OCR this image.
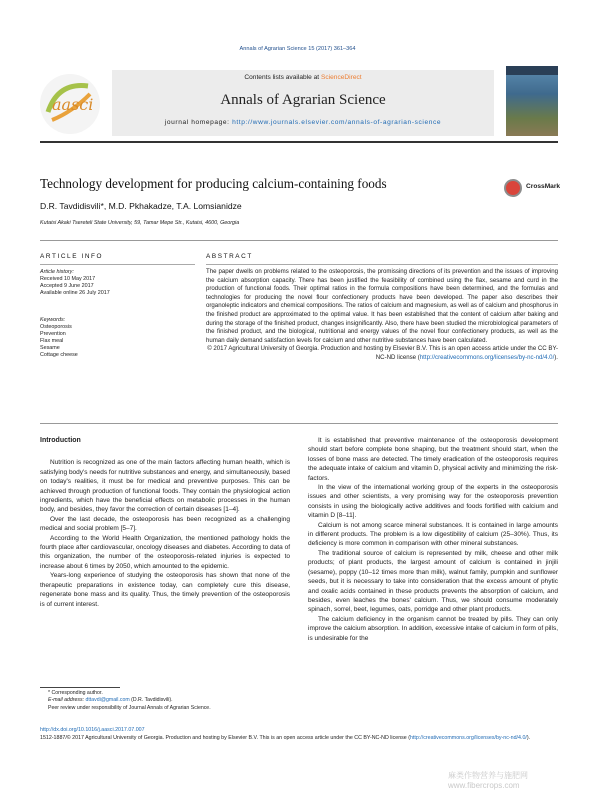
Annals of Agrarian Science 15 (2017) 361–364
aasci
Contents lists available at ScienceDirect
Annals of Agrarian Science
journal homepage: http://www.journals.elsevier.com/annals-of-agrarian-science
Technology development for producing calcium-containing foods	CrossMark
D.R. Tavdidisvili*, M.D. Pkhakadze, T.A. Lomsianidze
Kutaisi Akaki Tsereteli State University, 59, Tamar Mepe Str., Kutaisi, 4600, Georgia
ARTICLE INFO	ABSTRACT
Article history:
Received 10 May 2017
Accepted 9 June 2017
Available online 26 July 2017
Keywords:
Osteoporosis
Prevention
Flax meal
Sesame
Cottage cheese
The paper dwells on problems related to the osteoporosis, the promissing directions of its prevention and the issues of improving the calcium absorption capacity. There has been justified the feasibility of combined using the flax, sesame and curd in the production of functional foods. Their optimal ratios in the formula compositions have been determined, and the formulas and technologies for producing the novel flour confectionery products have been developed. The paper also describes their organoleptic indicators and chemical compositions. The ratios of calcium and magnesium, as well as of calcium and phosphorus in the finished product are approximated to the optimal value. It has been established that the content of calcium after baking and during the storage of the finished product, changes insignificantly. Also, there have been studied the microbiological parameters of the finished product, and the biological, nutritional and energy values of the novel flour confectionery products, as well as the human daily demand satisfaction levels for calcium and other nutritive substances have been calculated.
© 2017 Agricultural University of Georgia. Production and hosting by Elsevier B.V. This is an open access article under the CC BY-NC-ND license (http://creativecommons.org/licenses/by-nc-nd/4.0/).

Introduction

Nutrition is recognized as one of the main factors affecting human health, which is satisfying body's needs for nutritive substances and energy, and simultaneously, based on today's realities, it must be for medical and preventive purposes. This can be achieved through production of functional foods. They contain the physiological action ingredients, which have the beneficial effects on metabolic processes in the human body, and besides, they favor the correction of certain diseases [1–4].

Over the last decade, the osteoporosis has been recognized as a challenging medical and social problem [5–7].

According to the World Health Organization, the mentioned pathology holds the fourth place after cardiovascular, oncology diseases and diabetes. According to data of this organization, the number of the osteoporosis-related injuries is expected to increase about 6 times by 2050, which amounted to the epidemic.

Years-long experience of studying the osteoporosis has shown that none of the therapeutic preparations in existence today, can completely cure this disease, regenerate bone mass and its quality. Thus, the timely prevention of the osteoporosis is of current interest.

It is established that preventive maintenance of the osteoporosis development should start before complete bone shaping, but the treatment should start, when the losses of bone mass are detected. The timely eradication of the osteoporosis requires the adequate intake of calcium and vitamin D, physical activity and minimizing the risk-factors.

In the view of the international working group of the experts in the osteoporosis issues and other scientists, a very promising way for the osteoporosis prevention consists in using the biologically active additives and foods fortified with calcium and vitamin D [8–11].

Calcium is not among scarce mineral substances. It is contained in large amounts in different products. The problem is a low digestibility of calcium (25–30%). Thus, its deficiency is more common in comparison with other mineral substances.

The traditional source of calcium is represented by milk, cheese and other milk products; of plant products, the largest amount of calcium is contained in jinjili (sesame), poppy (10–12 times more than milk), walnut family, pumpkin and sunflower seeds, but it is necessary to take into consideration that the excess amount of phytic and oxalic acids contained in these products prevents the absorption of calcium, and besides, even leaches the bones' calcium. Thus, we should consume moderately spinach, sorrel, beet, legumes, oats, porridge and other plant products.

The calcium deficiency in the organism cannot be treated by pills. They can only improve the calcium absorption. In addition, excessive intake of calcium in form of pills, is undesirable for the

* Corresponding author.
E-mail address: dttavdi@gmail.com (D.R. Tavdidisvili).
Peer review under responsibility of Journal Annals of Agrarian Science.
http://dx.doi.org/10.1016/j.aasci.2017.07.007
1512-1887/© 2017 Agricultural University of Georgia. Production and hosting by Elsevier B.V. This is an open access article under the CC BY-NC-ND license (http://creativecommons.org/licenses/by-nc-nd/4.0/).
麻类作物营养与施肥网 www.fibercrops.com
